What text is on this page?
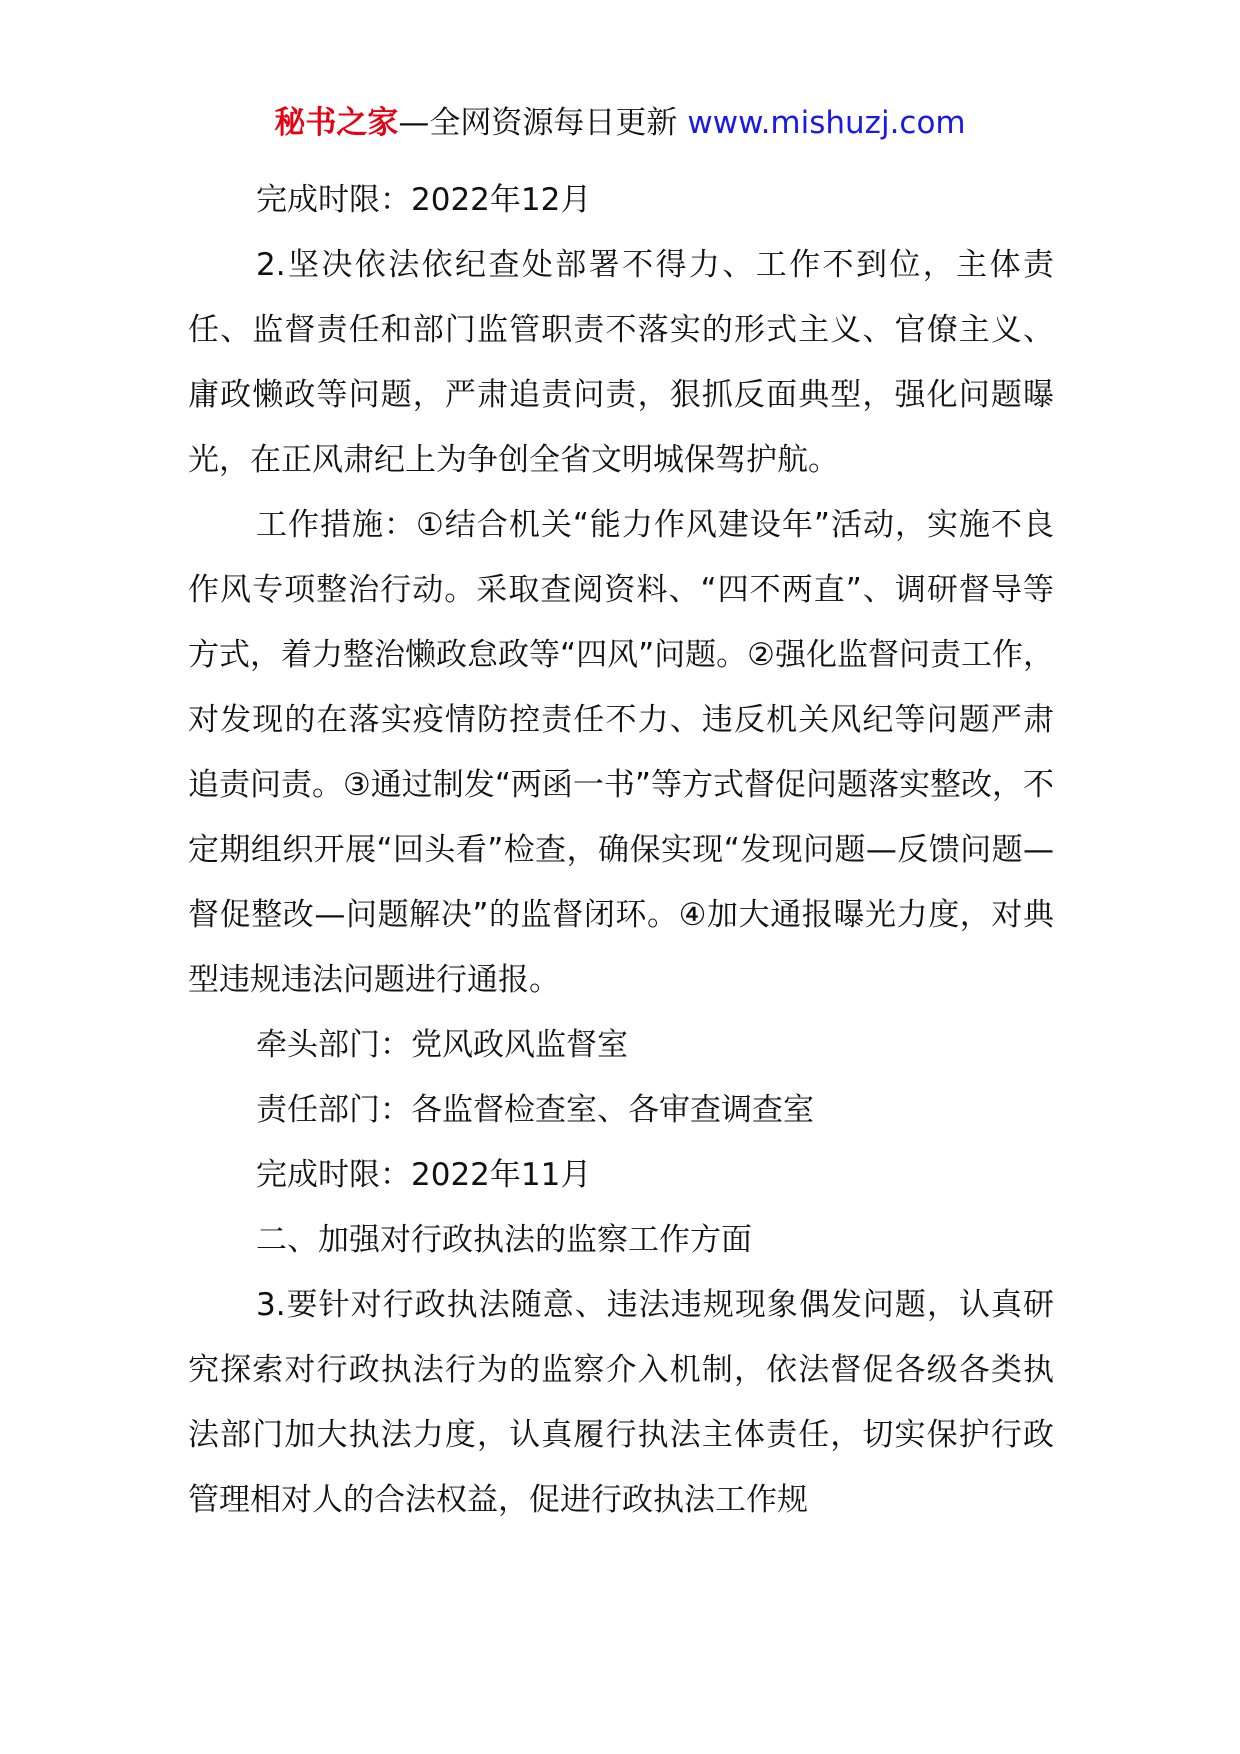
秘书之家—全网资源每日更新 www.mishuzj.com

完成时限：2022年12月

2.坚决依法依纪查处部署不得力、工作不到位，主体责任、监督责任和部门监管职责不落实的形式主义、官僚主义、庸政懒政等问题，严肃追责问责，狠抓反面典型，强化问题曝光，在正风肃纪上为争创全省文明城保驾护航。

工作措施：①结合机关“能力作风建设年”活动，实施不良作风专项整治行动。采取查阅资料、“四不两直”、调研督导等方式，着力整治懒政怠政等“四风”问题。②强化监督问责工作，对发现的在落实疫情防控责任不力、违反机关风纪等问题严肃追责问责。③通过制发“两函一书”等方式督促问题落实整改，不定期组织开展“回头看”检查，确保实现“发现问题—反馈问题—督促整改—问题解决”的监督闭环。④加大通报曝光力度，对典型违规违法问题进行通报。

牵头部门：党风政风监督室

责任部门：各监督检查室、各审查调查室

完成时限：2022年11月

二、加强对行政执法的监察工作方面

3.要针对行政执法随意、违法违规现象偶发问题，认真研究探索对行政执法行为的监察介入机制，依法督促各级各类执法部门加大执法力度，认真履行执法主体责任，切实保护行政管理相对人的合法权益，促进行政执法工作规
